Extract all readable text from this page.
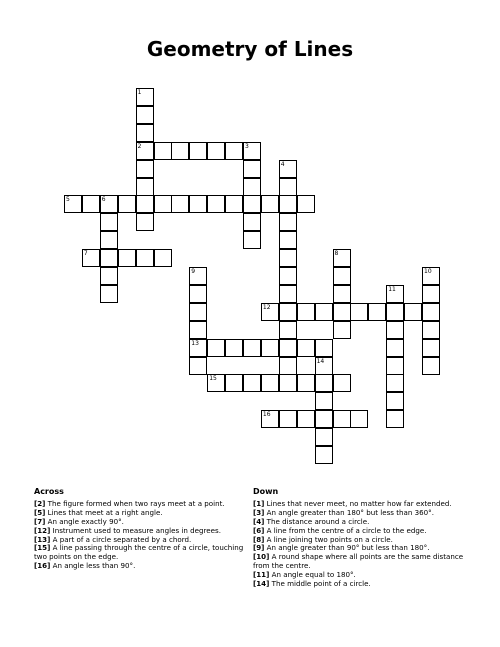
Geometry of Lines
1
2	3
4
5	6
7	8
9
13
10
11
12
14
15
16
Across

[2] The figure formed when two rays meet at a point.

[5] Lines that meet at a right angle.

[7] An angle exactly 90°.

[12] Instrument used to measure angles in degrees.

[13] A part of a circle separated by a chord.

[15] A line passing through the centre of a circle, touching two points on the edge.

[16] An angle less than 90°.

Down

[1] Lines that never meet, no matter how far extended.

[3] An angle greater than 180° but less than 360°.

[4] The distance around a circle.

[6] A line from the centre of a circle to the edge.

[8] A line joining two points on a circle.

[9] An angle greater than 90° but less than 180°.

[10] A round shape where all points are the same distance from the centre.

[11] An angle equal to 180°.

[14] The middle point of a circle.
